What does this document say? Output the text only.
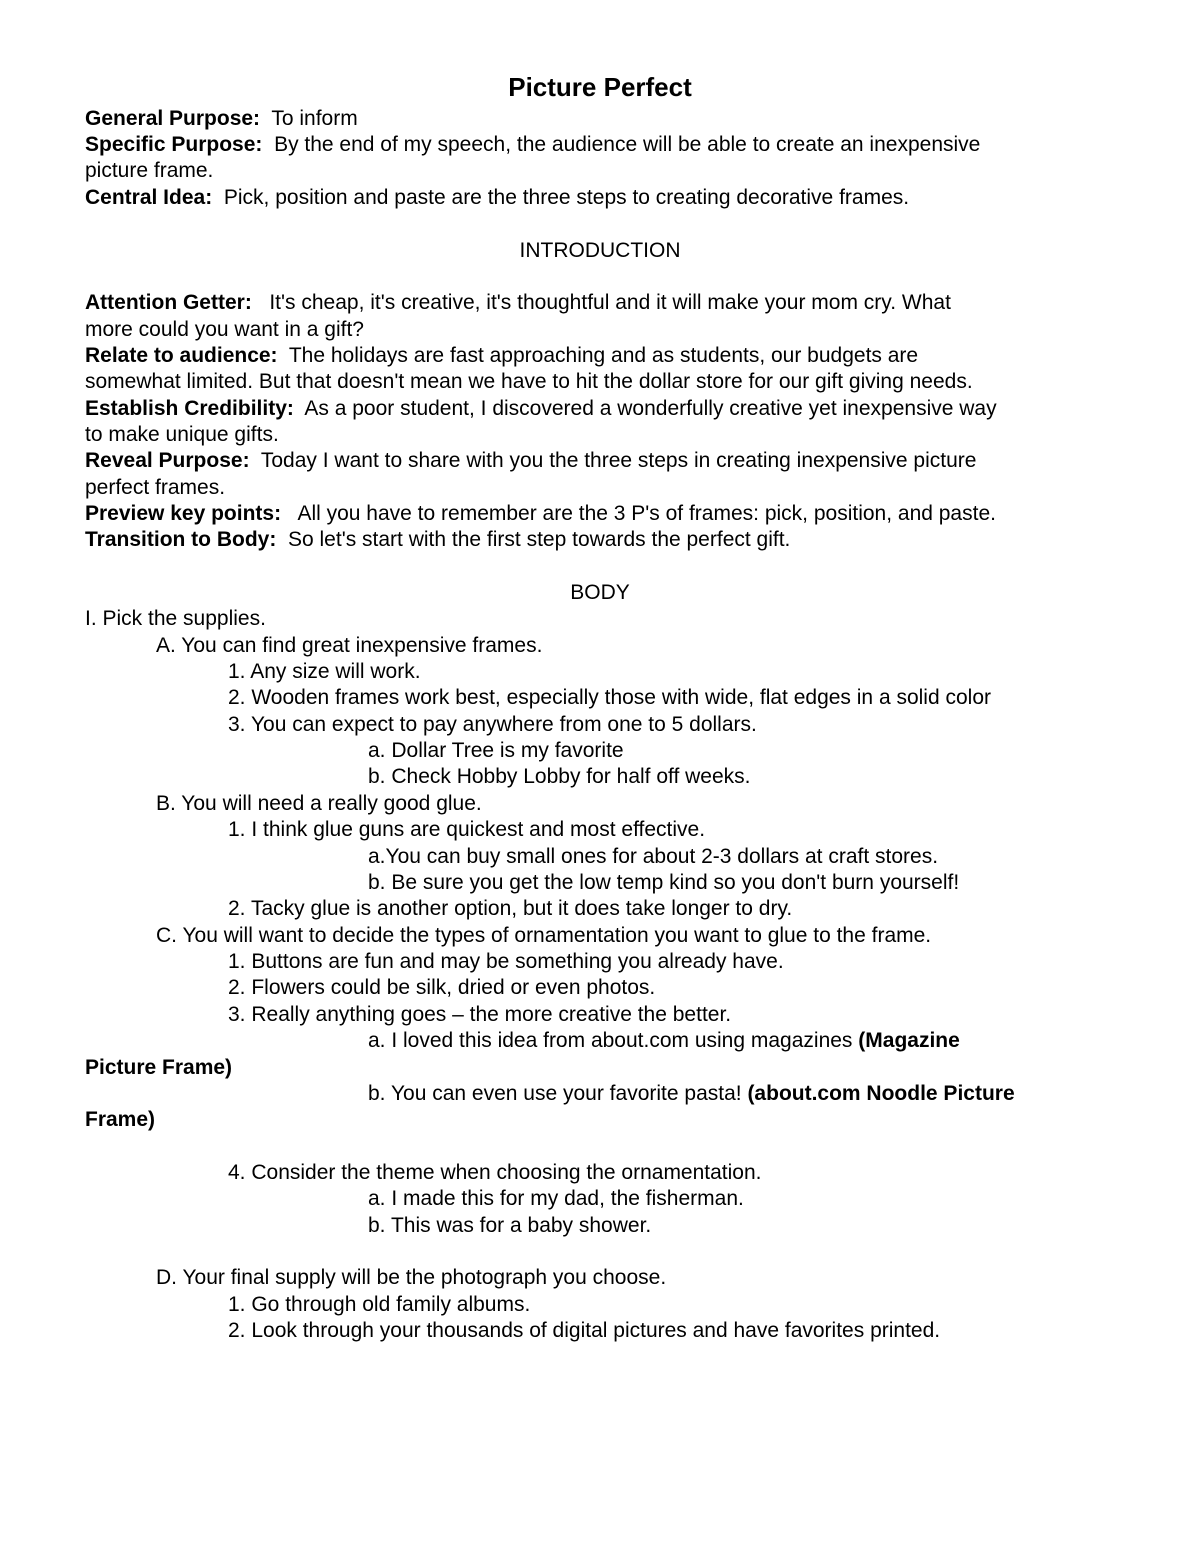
Picture Perfect
General Purpose: To inform
Specific Purpose: By the end of my speech, the audience will be able to create an inexpensive
picture frame.
Central Idea: Pick, position and paste are the three steps to creating decorative frames.
INTRODUCTION
Attention Getter: It's cheap, it's creative, it's thoughtful and it will make your mom cry. What
more could you want in a gift?
Relate to audience: The holidays are fast approaching and as students, our budgets are
somewhat limited. But that doesn't mean we have to hit the dollar store for our gift giving needs.
Establish Credibility: As a poor student, I discovered a wonderfully creative yet inexpensive way
to make unique gifts.
Reveal Purpose: Today I want to share with you the three steps in creating inexpensive picture
perfect frames.
Preview key points: All you have to remember are the 3 P's of frames: pick, position, and paste.
Transition to Body: So let's start with the first step towards the perfect gift.
BODY
I. Pick the supplies.
A. You can find great inexpensive frames.
1. Any size will work.
2. Wooden frames work best, especially those with wide, flat edges in a solid color
3. You can expect to pay anywhere from one to 5 dollars.
a. Dollar Tree is my favorite
b. Check Hobby Lobby for half off weeks.
B. You will need a really good glue.
1. I think glue guns are quickest and most effective.
a.You can buy small ones for about 2-3 dollars at craft stores.
b. Be sure you get the low temp kind so you don't burn yourself!
2. Tacky glue is another option, but it does take longer to dry.
C. You will want to decide the types of ornamentation you want to glue to the frame.
1. Buttons are fun and may be something you already have.
2. Flowers could be silk, dried or even photos.
3. Really anything goes – the more creative the better.
a. I loved this idea from about.com using magazines (Magazine
Picture Frame)
b. You can even use your favorite pasta! (about.com Noodle Picture
Frame)
4. Consider the theme when choosing the ornamentation.
a. I made this for my dad, the fisherman.
b. This was for a baby shower.
D. Your final supply will be the photograph you choose.
1. Go through old family albums.
2. Look through your thousands of digital pictures and have favorites printed.
